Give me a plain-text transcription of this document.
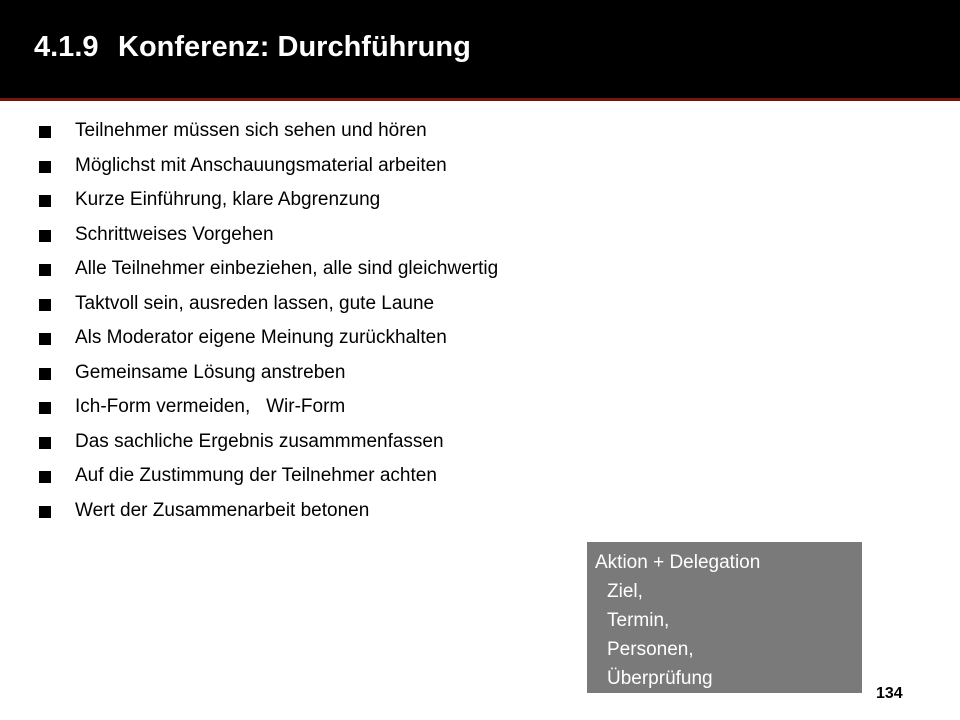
4.1.9 Konferenz: Durchführung
Teilnehmer müssen sich sehen und hören
Möglichst mit Anschauungsmaterial arbeiten
Kurze Einführung, klare Abgrenzung
Schrittweises Vorgehen
Alle Teilnehmer einbeziehen, alle sind gleichwertig
Taktvoll sein, ausreden lassen, gute Laune
Als Moderator eigene Meinung zurückhalten
Gemeinsame Lösung anstreben
Ich-Form vermeiden,   Wir-Form
Das sachliche Ergebnis zusammmenfassen
Auf die Zustimmung der Teilnehmer achten
Wert der Zusammenarbeit betonen
Aktion + Delegation
Ziel,
Termin,
Personen,
Überprüfung
134
